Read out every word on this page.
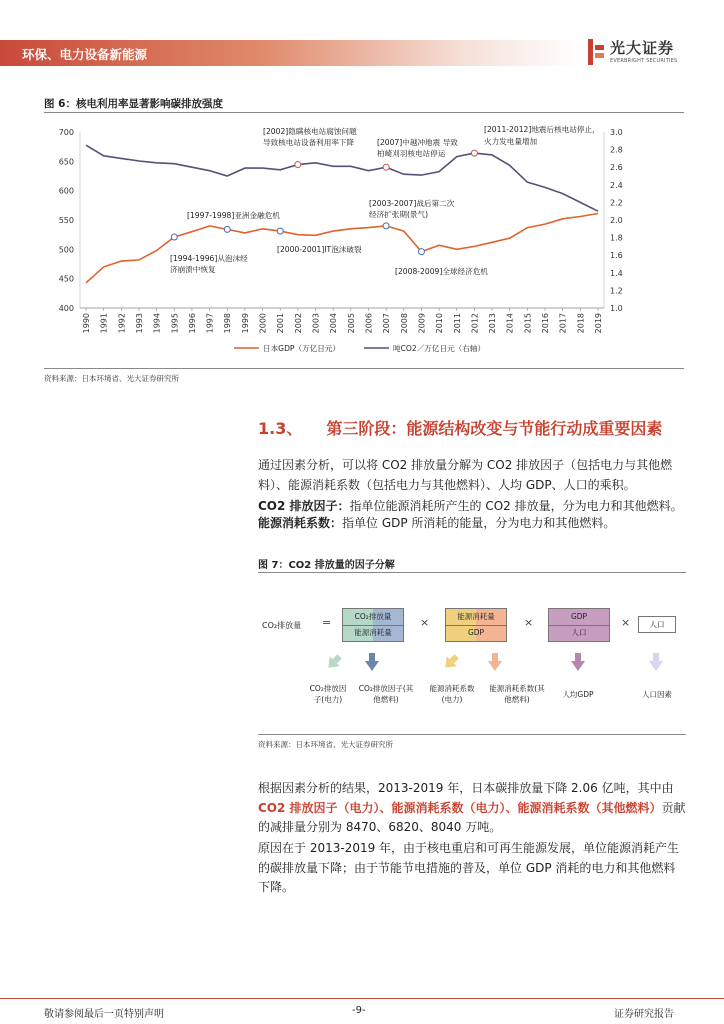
环保、电力设备新能源	光大证券
EVERBRIGHT SECURITIES
图 6：核电利用率显著影响碳排放强度
400
450
500
550
600
650
700
1.0
1.2
1.4
1.6
1.8
2.0
2.2
2.4
2.6
2.8
3.0
1990 1991 1992 1993 1994 1995 1996 1997 1998 1999 2000 2001 2002 2003 2004 2005 2006 2007 2008 2009 2010 2011 2012 2013 2014 2015 2016 2017 2018 2019
[2002]隐瞒核电站腐蚀问题
导致核电站设备利用率下降	[2007]中越冲地震 导致
柏崎刈羽核电站停运
[2011-2012]地震后核电站停止，
火力发电量增加
[2003-2007]战后第二次
经济扩张期(景气)
[1997-1998]亚洲金融危机
[2000-2001]IT泡沫破裂
[1994-1996]从泡沫经
济崩溃中恢复	[2008-2009]全球经济危机
日本GDP（万亿日元）	吨CO2／万亿日元（右轴）
资料来源：日本环境省、光大证券研究所
1.3、 第三阶段：能源结构改变与节能行动成重要因素
通过因素分析，可以将 CO2 排放量分解为 CO2 排放因子（包括电力与其他燃料）、能源消耗系数（包括电力与其他燃料）、人均 GDP、人口的乘积。
CO2 排放因子：指单位能源消耗所产生的 CO2 排放量，分为电力和其他燃料。
能源消耗系数：指单位 GDP 所消耗的能量，分为电力和其他燃料。
图 7：CO2 排放量的因子分解
CO₂排放量 =	CO₂排放量
能源消耗量
×	能源消耗量
GDP
×	GDP
人口
×	人口
CO₂排放因子(电力)
CO₂排放因子(其他燃料)
能源消耗系数(电力)
能源消耗系数(其他燃料)
人均GDP	人口因素
资料来源：日本环境省、光大证券研究所
根据因素分析的结果，2013-2019 年，日本碳排放量下降 2.06 亿吨，其中由 CO2 排放因子（电力）、能源消耗系数（电力）、能源消耗系数（其他燃料）贡献的减排量分别为 8470、6820、8040 万吨。
原因在于 2013-2019 年，由于核电重启和可再生能源发展，单位能源消耗产生的碳排放量下降；由于节能节电措施的普及，单位 GDP 消耗的电力和其他燃料下降。
敬请参阅最后一页特别声明	-9-	证券研究报告
